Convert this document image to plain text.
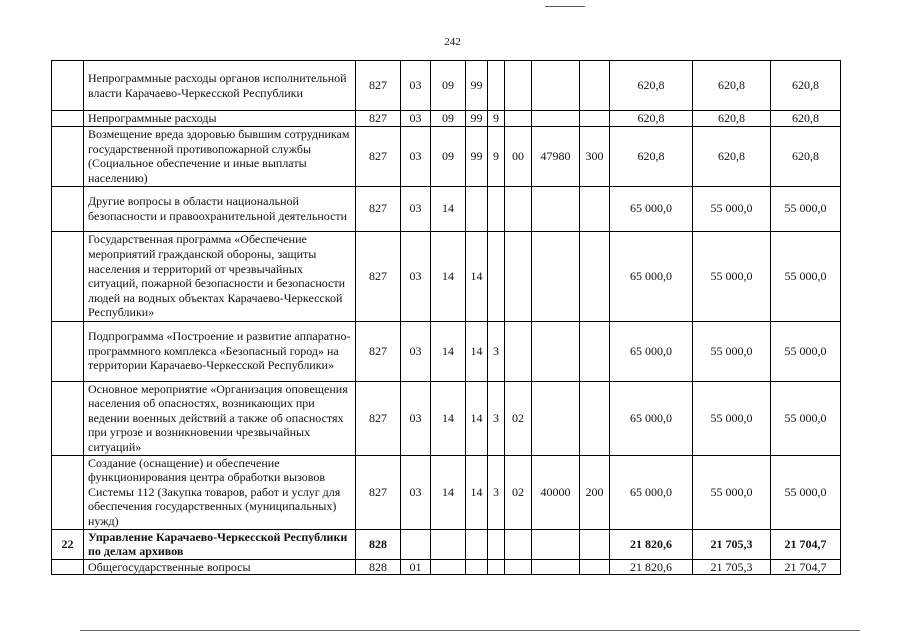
242
	Непрограммные расходы органов исполнительной власти Карачаево-Черкесской Республики	827	03	09	99					620,8	620,8	620,8
	Непрограммные расходы	827	03	09	99	9				620,8	620,8	620,8
	Возмещение вреда здоровью бывшим сотрудникам государственной противопожарной службы (Социальное обеспечение и иные выплаты населению)	827	03	09	99	9	00	47980	300	620,8	620,8	620,8
	Другие вопросы в области национальной безопасности и правоохранительной деятельности	827	03	14						65 000,0	55 000,0	55 000,0
	Государственная программа «Обеспечение мероприятий гражданской обороны, защиты населения и территорий от чрезвычайных ситуаций, пожарной безопасности и безопасности людей на водных объектах Карачаево-Черкесской Республики»	827	03	14	14					65 000,0	55 000,0	55 000,0
	Подпрограмма «Построение и развитие аппаратно-программного комплекса «Безопасный город» на территории Карачаево-Черкесской Республики»	827	03	14	14	3				65 000,0	55 000,0	55 000,0
	Основное мероприятие «Организация оповещения населения об опасностях, возникающих при ведении военных действий а также об опасностях при угрозе и возникновении чрезвычайных ситуаций»	827	03	14	14	3	02			65 000,0	55 000,0	55 000,0
	Создание (оснащение) и обеспечение функционирования центра обработки вызовов Системы 112 (Закупка товаров, работ и услуг для обеспечения государственных (муниципальных) нужд)	827	03	14	14	3	02	40000	200	65 000,0	55 000,0	55 000,0
22	Управление Карачаево-Черкесской Республики по делам архивов	828								21 820,6	21 705,3	21 704,7
	Общегосударственные вопросы	828	01							21 820,6	21 705,3	21 704,7
